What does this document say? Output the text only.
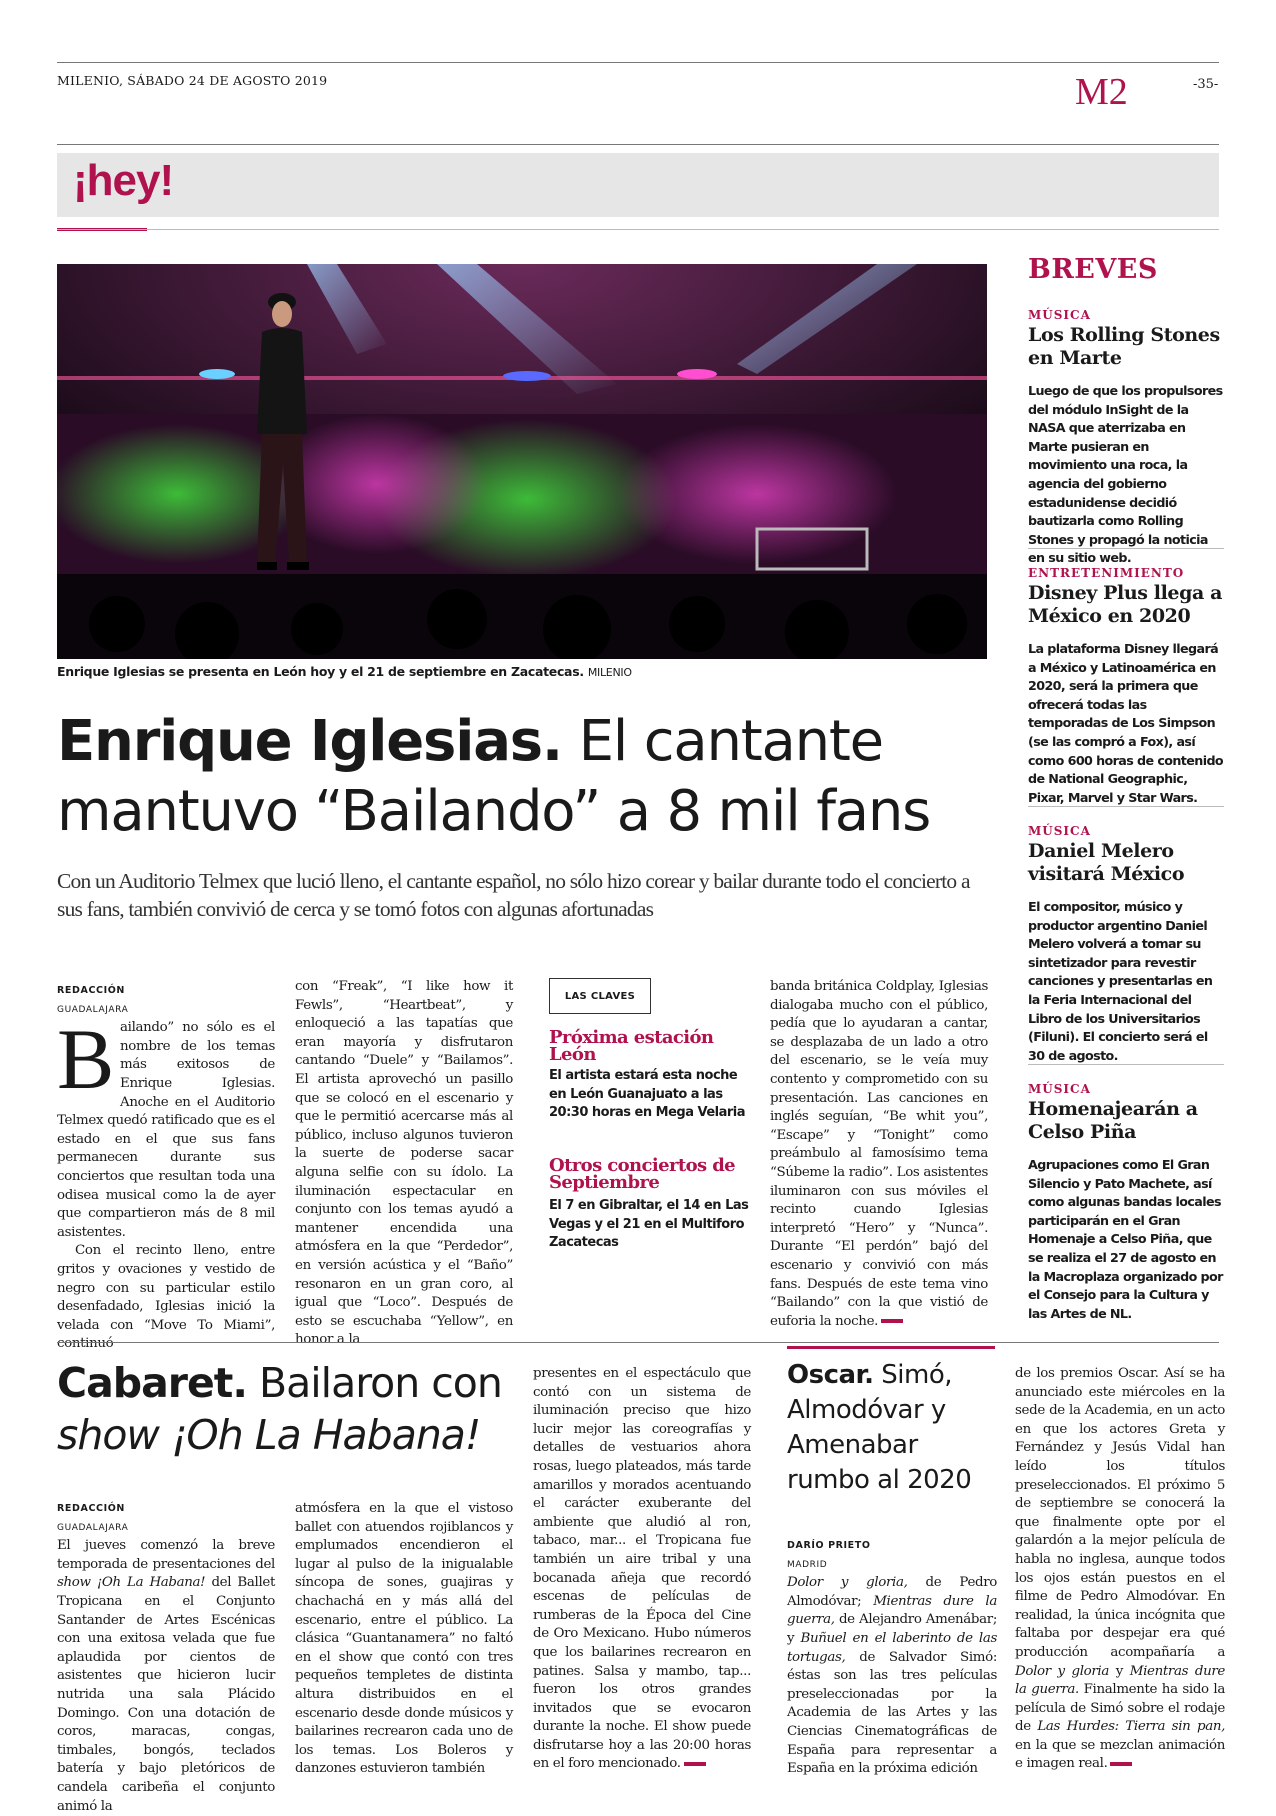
MILENIO, SÁBADO 24 DE AGOSTO 2019	M2	-35-
¡hey!
Enrique Iglesias se presenta en León hoy y el 21 de septiembre en Zacatecas. MILENIO
Enrique Iglesias. El cantante mantuvo “Bailando” a 8 mil fans
Con un Auditorio Telmex que lució lleno, el cantante español, no sólo hizo corear y bailar durante todo el concierto a sus fans, también convivió de cerca y se tomó fotos con algunas afortunadas

REDACCIÓN

GUADALAJARA

Bailando” no sólo es el nombre de los temas más exitosos de Enrique Iglesias. Anoche en el Auditorio Telmex quedó ratificado que es el estado en el que sus fans permanecen durante sus conciertos que resultan toda una odisea musical como la de ayer que compartieron más de 8 mil asistentes.

Con el recinto lleno, entre gritos y ovaciones y vestido de negro con su particular estilo desenfadado, Iglesias inició la velada con “Move To Miami”, continuó

con “Freak”, “I like how it Fewls”, “Heartbeat”, y enloqueció a las tapatías que eran mayoría y disfrutaron cantando “Duele” y “Bailamos”. El artista aprovechó un pasillo que se colocó en el escenario y que le permitió acercarse más al público, incluso algunos tuvieron la suerte de poderse sacar alguna selfie con su ídolo. La iluminación espectacular en conjunto con los temas ayudó a mantener encendida una atmósfera en la que “Perdedor”, en versión acústica y el “Baño” resonaron en un gran coro, al igual que “Loco”. Después de esto se escuchaba “Yellow”, en honor a la

LAS CLAVES
Próxima estación León
El artista estará esta noche en León Guanajuato a las 20:30 horas en Mega Velaria
Otros conciertos de Septiembre
El 7 en Gibraltar, el 14 en Las Vegas y el 21 en el Multiforo Zacatecas

banda británica Coldplay, Iglesias dialogaba mucho con el público, pedía que lo ayudaran a cantar, se desplazaba de un lado a otro del escenario, se le veía muy contento y comprometido con su presentación. Las canciones en inglés seguían, “Be whit you”, “Escape” y “Tonight” como preámbulo al famosísimo tema “Súbeme la radio”. Los asistentes iluminaron con sus móviles el recinto cuando Iglesias interpretó “Hero” y “Nunca”. Durante “El perdón” bajó del escenario y convivió con más fans. Después de este tema vino “Bailando” con la que vistió de euforia la noche.

BREVES
MÚSICA
Los Rolling Stones en Marte
Luego de que los propulsores del módulo InSight de la NASA que aterrizaba en Marte pusieran en movimiento una roca, la agencia del gobierno estadunidense decidió bautizarla como Rolling Stones y propagó la noticia en su sitio web.
ENTRETENIMIENTO
Disney Plus llega a México en 2020
La plataforma Disney llegará a México y Latinoamérica en 2020, será la primera que ofrecerá todas las temporadas de Los Simpson (se las compró a Fox), así como 600 horas de contenido de National Geographic, Pixar, Marvel y Star Wars.
MÚSICA
Daniel Melero visitará México
El compositor, músico y productor argentino Daniel Melero volverá a tomar su sintetizador para revestir canciones y presentarlas en la Feria Internacional del Libro de los Universitarios (Filuni). El concierto será el 30 de agosto.
MÚSICA
Homenajearán a Celso Piña
Agrupaciones como El Gran Silencio y Pato Machete, así como algunas bandas locales participarán en el Gran Homenaje a Celso Piña, que se realiza el 27 de agosto en la Macroplaza organizado por el Consejo para la Cultura y las Artes de NL.
Cabaret. Bailaron con
show ¡Oh La Habana!

REDACCIÓN

GUADALAJARA

El jueves comenzó la breve temporada de presentaciones del show ¡Oh La Habana! del Ballet Tropicana en el Conjunto Santander de Artes Escénicas con una exitosa velada que fue aplaudida por cientos de asistentes que hicieron lucir nutrida una sala Plácido Domingo. Con una dotación de coros, maracas, congas, timbales, bongós, teclados batería y bajo pletóricos de candela caribeña el conjunto animó la

atmósfera en la que el vistoso ballet con atuendos rojiblancos y emplumados encendieron el lugar al pulso de la inigualable síncopa de sones, guajiras y chachachá en y más allá del escenario, entre el público. La clásica “Guantanamera” no faltó en el show que contó con tres pequeños templetes de distinta altura distribuidos en el escenario desde donde músicos y bailarines recrearon cada uno de los temas. Los Boleros y danzones estuvieron también

presentes en el espectáculo que contó con un sistema de iluminación preciso que hizo lucir mejor las coreografías y detalles de vestuarios ahora rosas, luego plateados, más tarde amarillos y morados acentuando el carácter exuberante del ambiente que aludió al ron, tabaco, mar... el Tropicana fue también un aire tribal y una bocanada añeja que recordó escenas de películas de rumberas de la Época del Cine de Oro Mexicano. Hubo números que los bailarines recrearon en patines. Salsa y mambo, tap... fueron los otros grandes invitados que se evocaron durante la noche. El show puede disfrutarse hoy a las 20:00 horas en el foro mencionado.

Oscar. Simó, Almodóvar y Amenabar rumbo al 2020

DARÍO PRIETO

MADRID

Dolor y gloria, de Pedro Almodóvar; Mientras dure la guerra, de Alejandro Amenábar; y Buñuel en el laberinto de las tortugas, de Salvador Simó: éstas son las tres películas preseleccionadas por la Academia de las Artes y las Ciencias Cinematográficas de España para representar a España en la próxima edición

de los premios Oscar. Así se ha anunciado este miércoles en la sede de la Academia, en un acto en que los actores Greta y Fernández y Jesús Vidal han leído los títulos preseleccionados. El próximo 5 de septiembre se conocerá la que finalmente opte por el galardón a la mejor película de habla no inglesa, aunque todos los ojos están puestos en el filme de Pedro Almodóvar. En realidad, la única incógnita que faltaba por despejar era qué producción acompañaría a Dolor y gloria y Mientras dure la guerra. Finalmente ha sido la película de Simó sobre el rodaje de Las Hurdes: Tierra sin pan, en la que se mezclan animación e imagen real.
